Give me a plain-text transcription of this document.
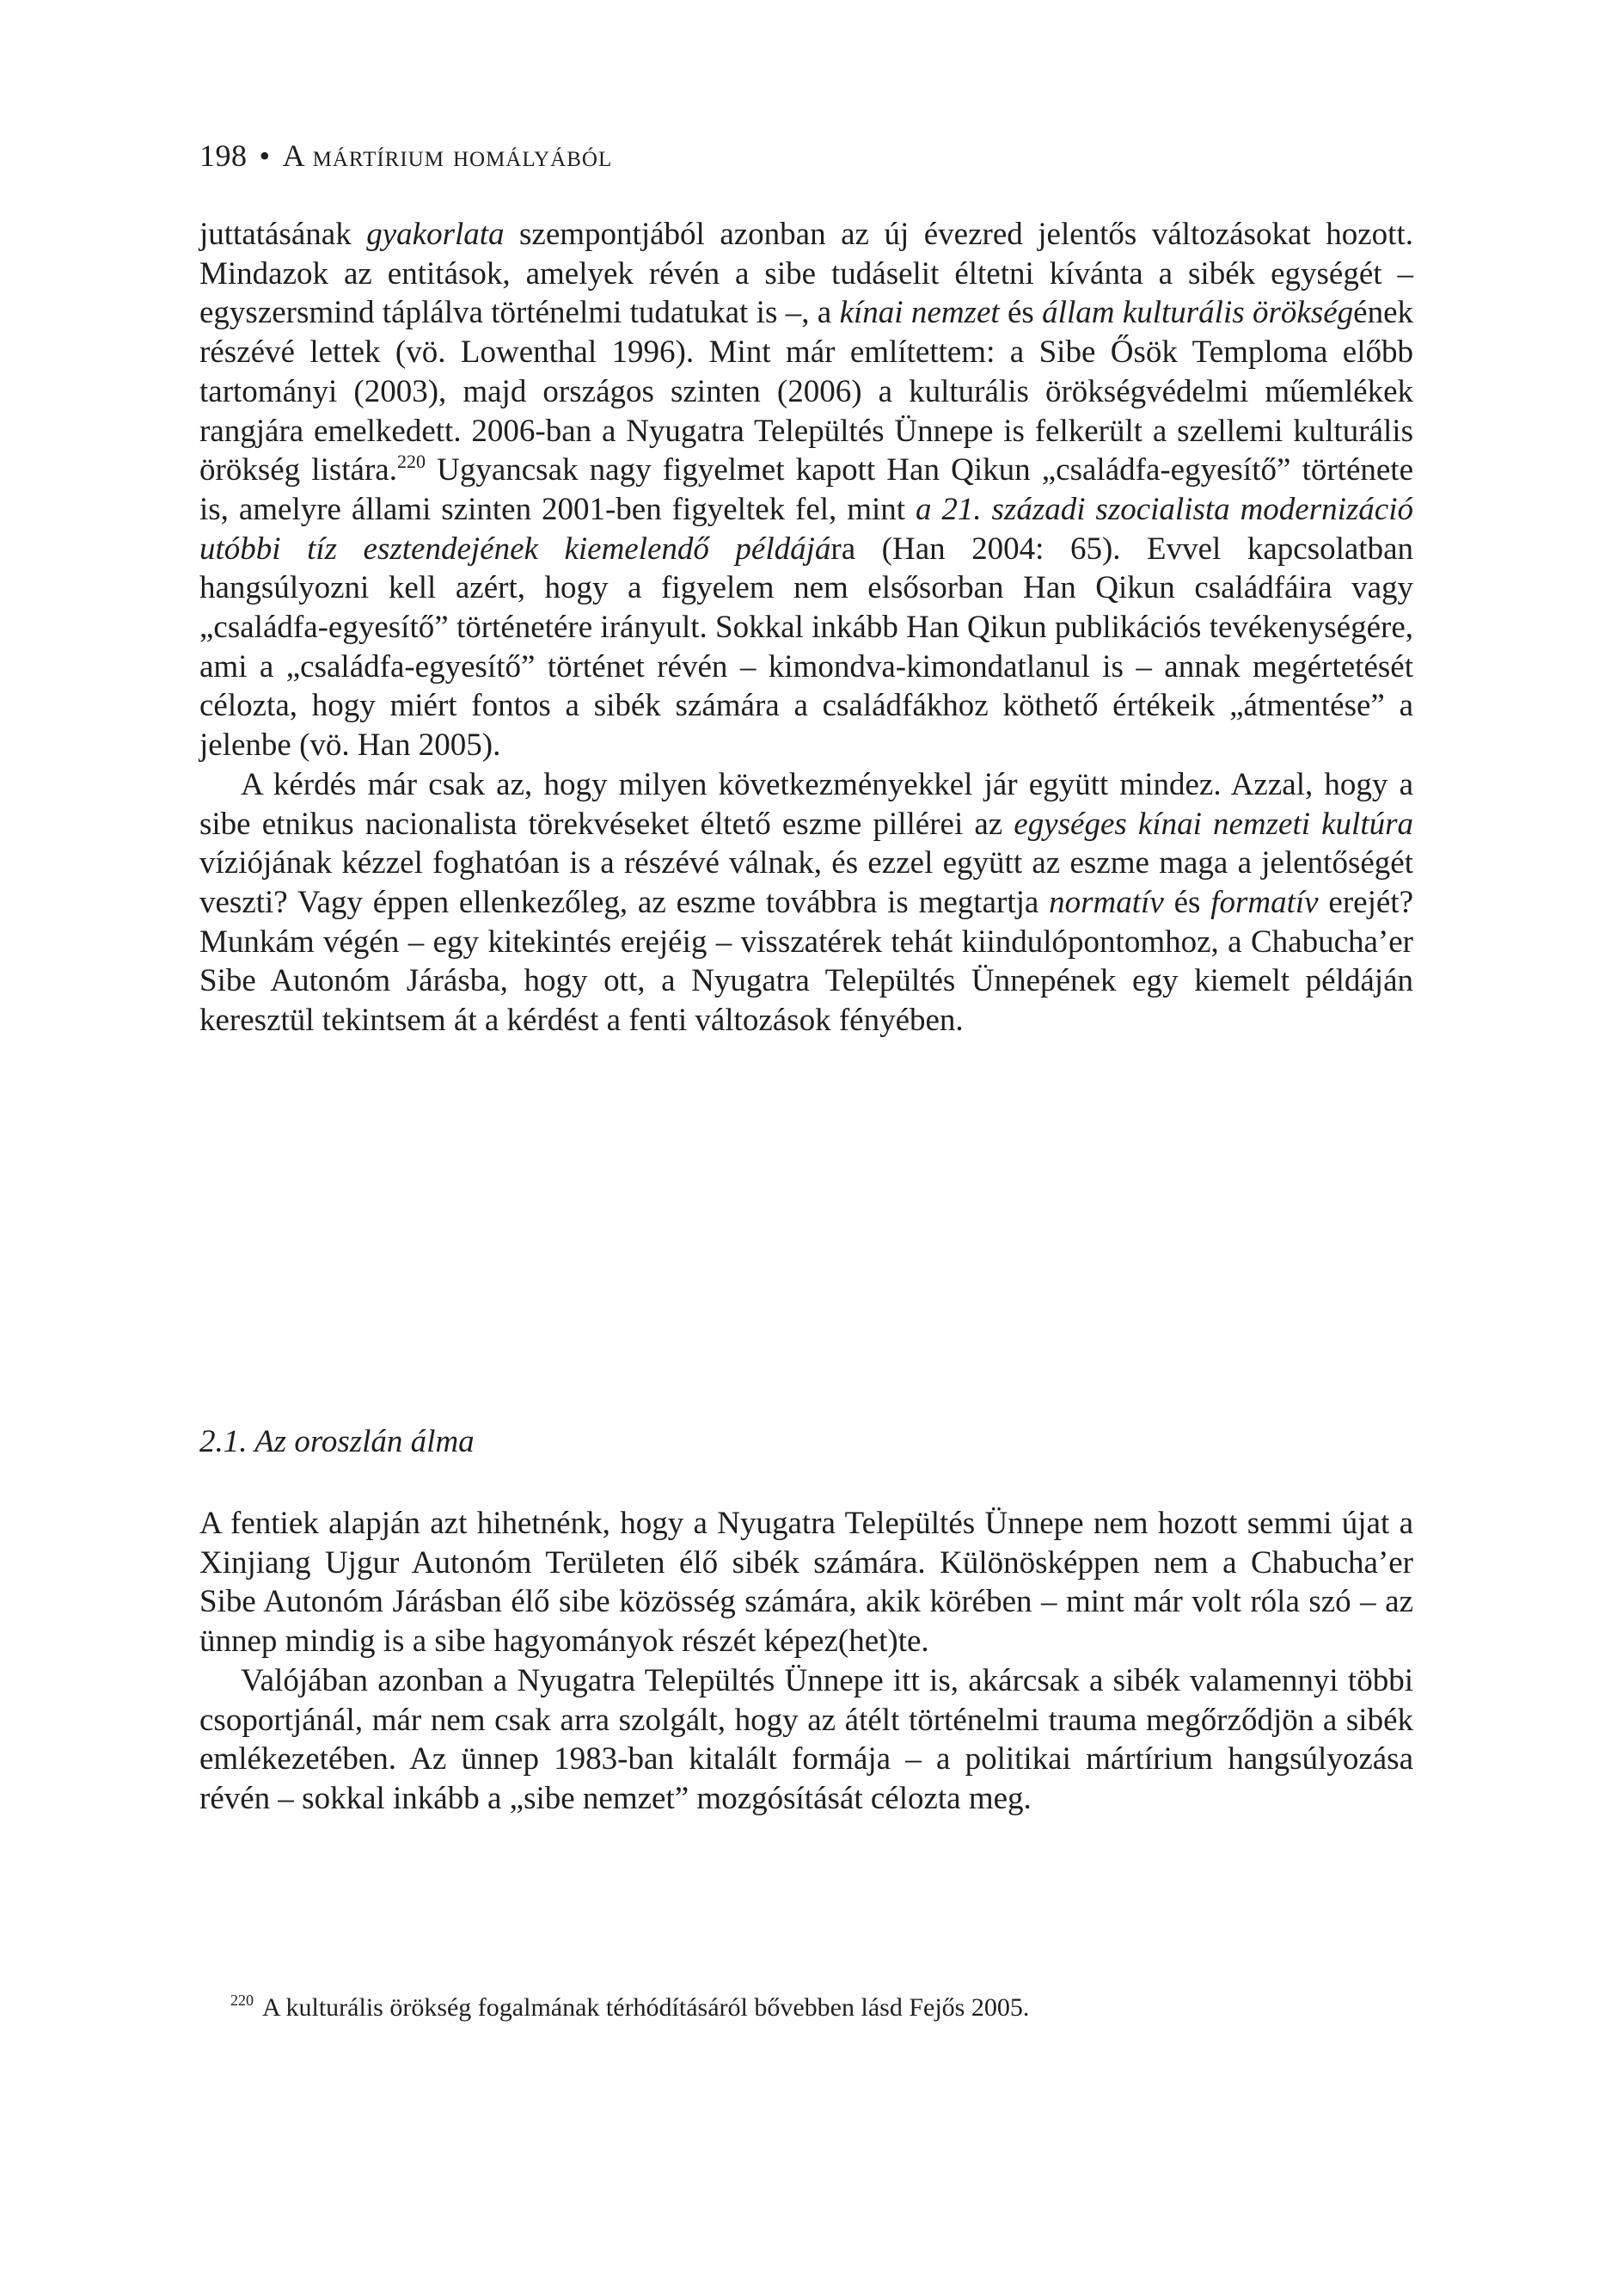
198 • A mártírium homályából

juttatásának gyakorlata szempontjából azonban az új évezred jelentős változásokat hozott. Mindazok az entitások, amelyek révén a sibe tudáselit éltetni kívánta a sibék egységét – egyszersmind táplálva történelmi tudatukat is –, a kínai nemzet és állam kulturális örökségének részévé lettek (vö. Lowenthal 1996). Mint már említettem: a Sibe Ősök Temploma előbb tartományi (2003), majd országos szinten (2006) a kulturális örökségvédelmi műemlékek rangjára emelkedett. 2006-ban a Nyugatra Települtés Ünnepe is felkerült a szellemi kulturális örökség listára.$^{220}$ Ugyancsak nagy figyelmet kapott Han Qikun „családfa-egyesítő” története is, amelyre állami szinten 2001-ben figyeltek fel, mint a 21. századi szocialista modernizáció utóbbi tíz esztendejének kiemelendő példájára (Han 2004: 65). Evvel kapcsolatban hangsúlyozni kell azért, hogy a figyelem nem elsősorban Han Qikun családfáira vagy „családfa-egyesítő” történetére irányult. Sokkal inkább Han Qikun publikációs tevékenységére, ami a „családfa-egyesítő” történet révén – kimondva-kimondatlanul is – annak megértetését célozta, hogy miért fontos a sibék számára a családfákhoz köthető értékeik „átmentése” a jelenbe (vö. Han 2005).

A kérdés már csak az, hogy milyen következményekkel jár együtt mindez. Azzal, hogy a sibe etnikus nacionalista törekvéseket éltető eszme pillérei az egységes kínai nemzeti kultúra víziójának kézzel foghatóan is a részévé válnak, és ezzel együtt az eszme maga a jelentőségét veszti? Vagy éppen ellenkezőleg, az eszme továbbra is megtartja normatív és formatív erejét? Munkám végén – egy kitekintés erejéig – visszatérek tehát kiindulópontomhoz, a Chabucha’er Sibe Autonóm Járásba, hogy ott, a Nyugatra Települtés Ünnepének egy kiemelt példáján keresztül tekintsem át a kérdést a fenti változások fényében.

2.1. Az oroszlán álma

A fentiek alapján azt hihetnénk, hogy a Nyugatra Települtés Ünnepe nem hozott semmi újat a Xinjiang Ujgur Autonóm Területen élő sibék számára. Különösképpen nem a Chabucha’er Sibe Autonóm Járásban élő sibe közösség számára, akik körében – mint már volt róla szó – az ünnep mindig is a sibe hagyományok részét képez(het)te.

Valójában azonban a Nyugatra Települtés Ünnepe itt is, akárcsak a sibék valamennyi többi csoportjánál, már nem csak arra szolgált, hogy az átélt történelmi trauma megőrződjön a sibék emlékezetében. Az ünnep 1983-ban kitalált formája – a politikai mártírium hangsúlyozása révén – sokkal inkább a „sibe nemzet” mozgósítását célozta meg.

$^{220}$ A kulturális örökség fogalmának térhódításáról bővebben lásd Fejős 2005.
